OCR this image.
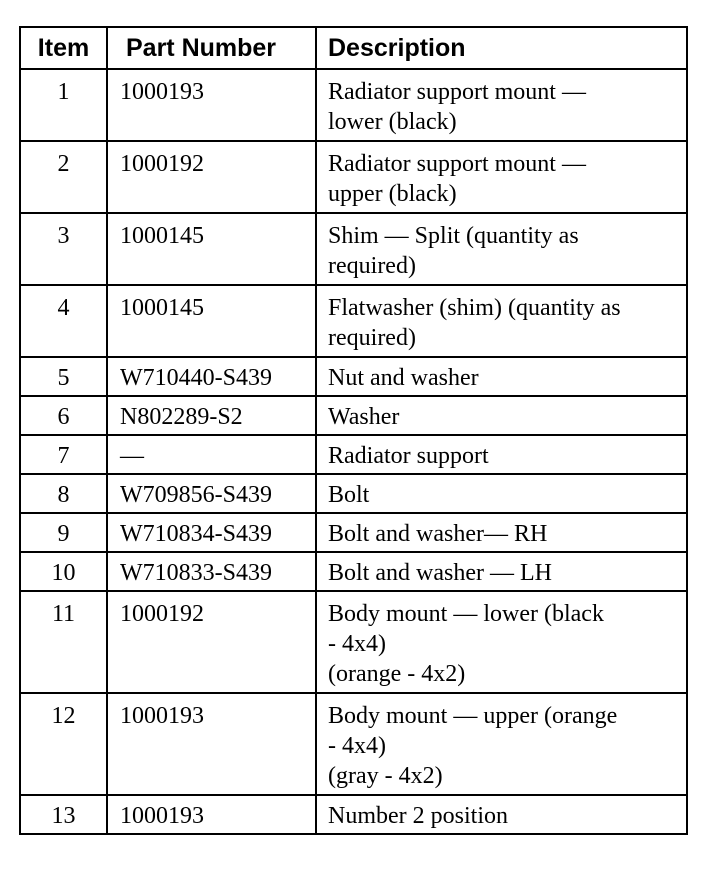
Item	Part Number	Description
1	1000193	Radiator support mount —
lower (black)
2	1000192	Radiator support mount —
upper (black)
3	1000145	Shim — Split (quantity as
required)
4	1000145	Flatwasher (shim) (quantity as
required)
5	W710440-S439	Nut and washer
6	N802289-S2	Washer
7	—	Radiator support
8	W709856-S439	Bolt
9	W710834-S439	Bolt and washer— RH
10	W710833-S439	Bolt and washer — LH
11	1000192	Body mount — lower (black
- 4x4)
(orange - 4x2)
12	1000193	Body mount — upper (orange
- 4x4)
(gray - 4x2)
13	1000193	Number 2 position
